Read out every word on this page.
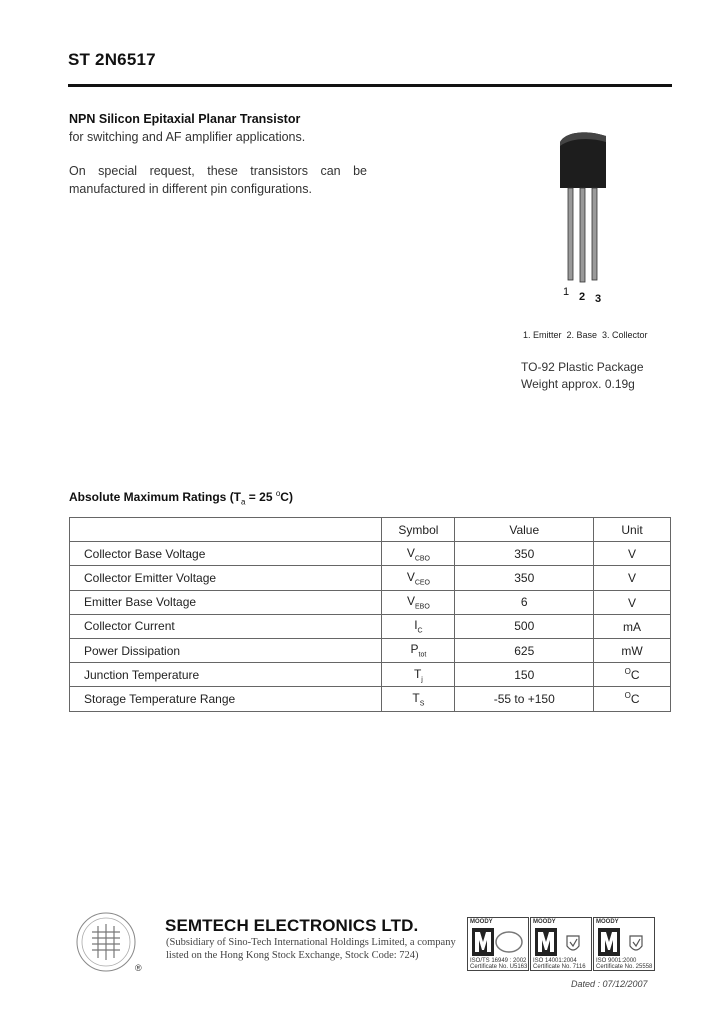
ST 2N6517
NPN Silicon Epitaxial Planar Transistor
for switching and AF amplifier applications.
On special request, these transistors can be manufactured in different pin configurations.
1 2 3
1. Emitter  2. Base  3. Collector
TO-92 Plastic Package
Weight approx. 0.19g
Absolute Maximum Ratings ($T_a = 25$ $^o$C)
	Symbol	Value	Unit
Collector Base Voltage	$V_{CBO}$	350	V
Collector Emitter Voltage	$V_{CEO}$	350	V
Emitter Base Voltage	$V_{EBO}$	6	V
Collector Current	$I_C$	500	mA
Power Dissipation	$P_{tot}$	625	mW
Junction Temperature	$T_j$	150	$^O$C
Storage Temperature Range	$T_S$	-55 to +150	$^O$C
®
SEMTECH ELECTRONICS LTD.
(Subsidiary of Sino-Tech International Holdings Limited, a company
listed on the Hong Kong Stock Exchange, Stock Code: 724)
MOODY
ISO/TS 16949 : 2002
Certificate No. U5163
MOODY
ISO 14001:2004
Certificate No. 7116
MOODY
ISO 9001:2000
Certificate No. 25558
Dated : 07/12/2007
